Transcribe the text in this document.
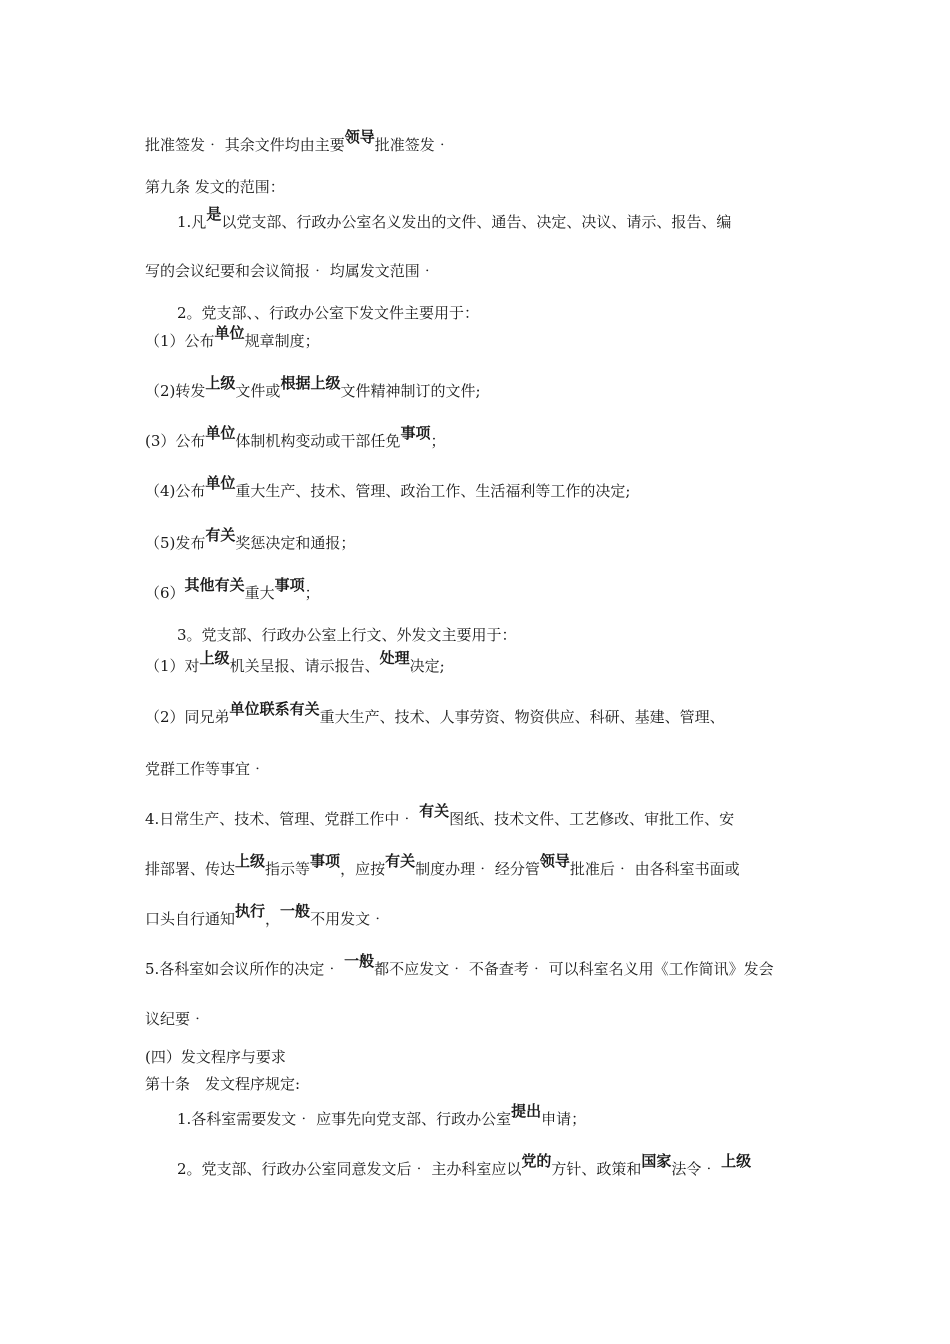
批准签发‧ 其余文件均由主要领导批准签发‧
第九条 发文的范围：
1.凡是以党支部、行政办公室名义发出的文件、通告、决定、决议、请示、报告、编
写的会议纪要和会议简报‧ 均属发文范围‧
2。党支部、、行政办公室下发文件主要用于：
（1）公布单位规章制度；
（2)转发上级文件或根据上级文件精神制订的文件;
(3）公布单位体制机构变动或干部任免事项；
（4)公布单位重大生产、技术、管理、政治工作、生活福利等工作的决定;
（5)发布有关奖惩决定和通报；
（6）其他有关重大事项；
3。党支部、行政办公室上行文、外发文主要用于：
（1）对上级机关呈报、请示报告、处理决定;
（2）同兄弟单位联系有关重大生产、技术、人事劳资、物资供应、科研、基建、管理、
党群工作等事宜‧
4.日常生产、技术、管理、党群工作中‧ 有关图纸、技术文件、工艺修改、审批工作、安
排部署、传达上级指示等事项，应按有关制度办理‧ 经分管领导批准后‧ 由各科室书面或
口头自行通知执行，一般不用发文‧
5.各科室如会议所作的决定‧ 一般都不应发文‧ 不备查考‧ 可以科室名义用《工作简讯》发会
议纪要‧
(四）发文程序与要求
第十条　发文程序规定:
1.各科室需要发文‧ 应事先向党支部、行政办公室提出申请；
2。党支部、行政办公室同意发文后‧ 主办科室应以党的方针、政策和国家法令‧ 上级
